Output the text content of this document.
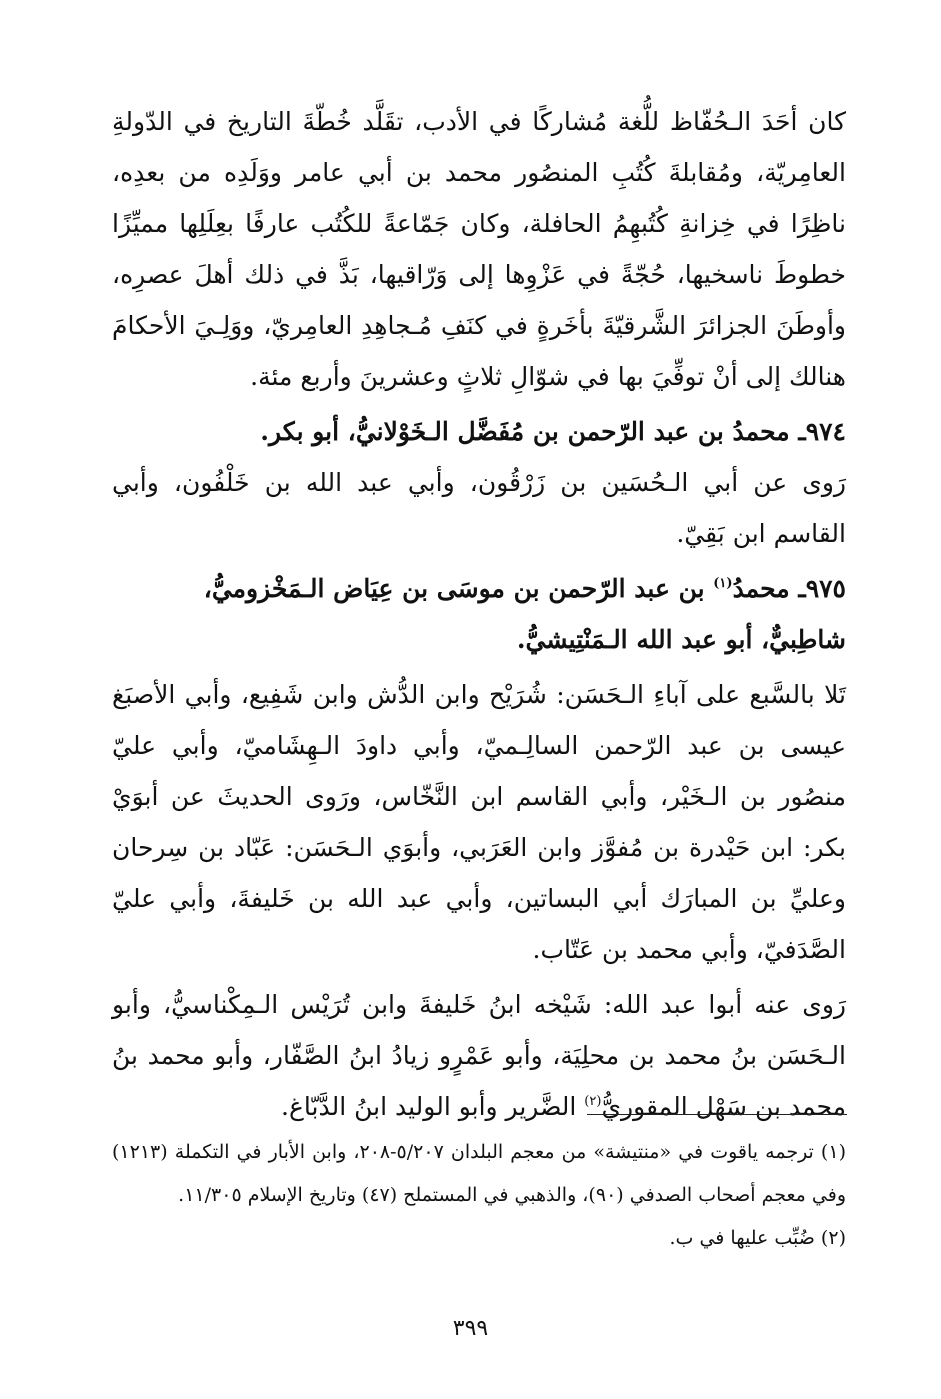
كان أحَدَ الـحُفّاظ للُّغة مُشاركًا في الأدب، تقَلَّد خُطّةَ التاريخ في الدّولةِ العامِريّة، ومُقابلةَ كُتُبِ المنصُور محمد بن أبي عامر ووَلَدِه من بعدِه، ناظِرًا في خِزانةِ كُتُبهِمُ الحافلة، وكان جَمّاعةً للكُتُب عارفًا بعِلَلِها مميِّزًا خطوطَ ناسخيها، حُجّةً في عَزْوِها إلى وَرّاقيها، بَذَّ في ذلك أهلَ عصرِه، وأوطَنَ الجزائرَ الشَّرقيّةَ بأخَرةٍ في كنَفِ مُـجاهِدِ العامِريّ، ووَلِـيَ الأحكامَ هنالك إلى أنْ توفِّيَ بها في شوّالِ ثلاثٍ وعشرينَ وأربع مئة.

٩٧٤ـ محمدُ بن عبد الرّحمن بن مُفَضَّل الـخَوْلانيُّ، أبو بكر.

رَوى عن أبي الـحُسَين بن زَرْقُون، وأبي عبد الله بن خَلْفُون، وأبي القاسم ابن بَقِيّ.

٩٧٥ـ محمدُ$^{(١)}$ بن عبد الرّحمن بن موسَى بن عِيَاض الـمَخْزوميُّ، شاطِبيٌّ، أبو عبد الله الـمَنْتِيشيُّ.

تَلا بالسَّبع على آباءِ الـحَسَن: شُرَيْح وابن الدُّش وابن شَفِيع، وأبي الأصبَغ عيسى بن عبد الرّحمن السالِـميّ، وأبي داودَ الـهِشَاميّ، وأبي عليّ منصُور بن الـخَيْر، وأبي القاسم ابن النَّخّاس، ورَوى الحديثَ عن أبوَيْ بكر: ابن حَيْدرة بن مُفوَّز وابن العَرَبي، وأبوَي الـحَسَن: عَبّاد بن سِرحان وعليِّ بن المبارَك أبي البساتين، وأبي عبد الله بن خَليفةَ، وأبي عليّ الصَّدَفيّ، وأبي محمد بن عَتّاب.

رَوى عنه أبوا عبد الله: شَيْخه ابنُ خَليفةَ وابن تُرَيْس الـمِكْناسيُّ، وأبو الـحَسَن بنُ محمد بن محلِيَة، وأبو عَمْرٍو زيادُ ابنُ الصَّفّار، وأبو محمد بنُ محمد بن سَهْل المقوريُّ$^{(٢)}$ الضَّرير وأبو الوليد ابنُ الدَّبّاغ.

(١) ترجمه ياقوت في «منتيشة» من معجم البلدان ٥/٢٠٧-٢٠٨، وابن الأبار في التكملة (١٢١٣) وفي معجم أصحاب الصدفي (٩٠)، والذهبي في المستملح (٤٧) وتاريخ الإسلام ١١/٣٠٥.

(٢) ضُبِّب عليها في ب.

٣٩٩
